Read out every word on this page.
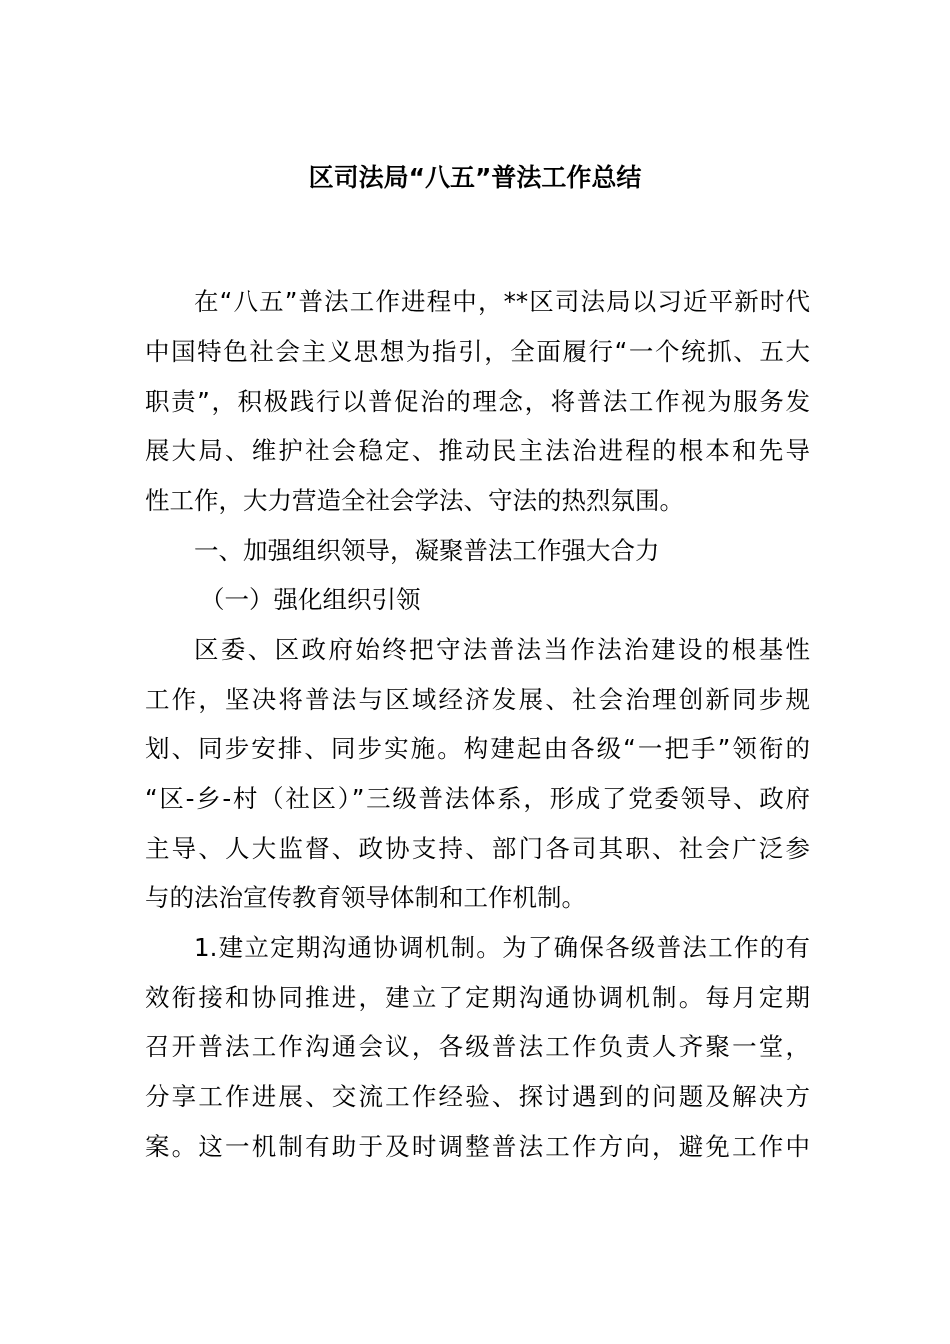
区司法局“八五”普法工作总结
在“八五”普法工作进程中，**区司法局以习近平新时代
中国特色社会主义思想为指引，全面履行“一个统抓、五大
职责”，积极践行以普促治的理念，将普法工作视为服务发
展大局、维护社会稳定、推动民主法治进程的根本和先导
性工作，大力营造全社会学法、守法的热烈氛围。
一、加强组织领导，凝聚普法工作强大合力
（一）强化组织引领
区委、区政府始终把守法普法当作法治建设的根基性
工作，坚决将普法与区域经济发展、社会治理创新同步规
划、同步安排、同步实施。构建起由各级“一把手”领衔的
“区-乡-村（社区）”三级普法体系，形成了党委领导、政府
主导、人大监督、政协支持、部门各司其职、社会广泛参
与的法治宣传教育领导体制和工作机制。
1.建立定期沟通协调机制。为了确保各级普法工作的有
效衔接和协同推进，建立了定期沟通协调机制。每月定期
召开普法工作沟通会议，各级普法工作负责人齐聚一堂，
分享工作进展、交流工作经验、探讨遇到的问题及解决方
案。这一机制有助于及时调整普法工作方向，避免工作中
